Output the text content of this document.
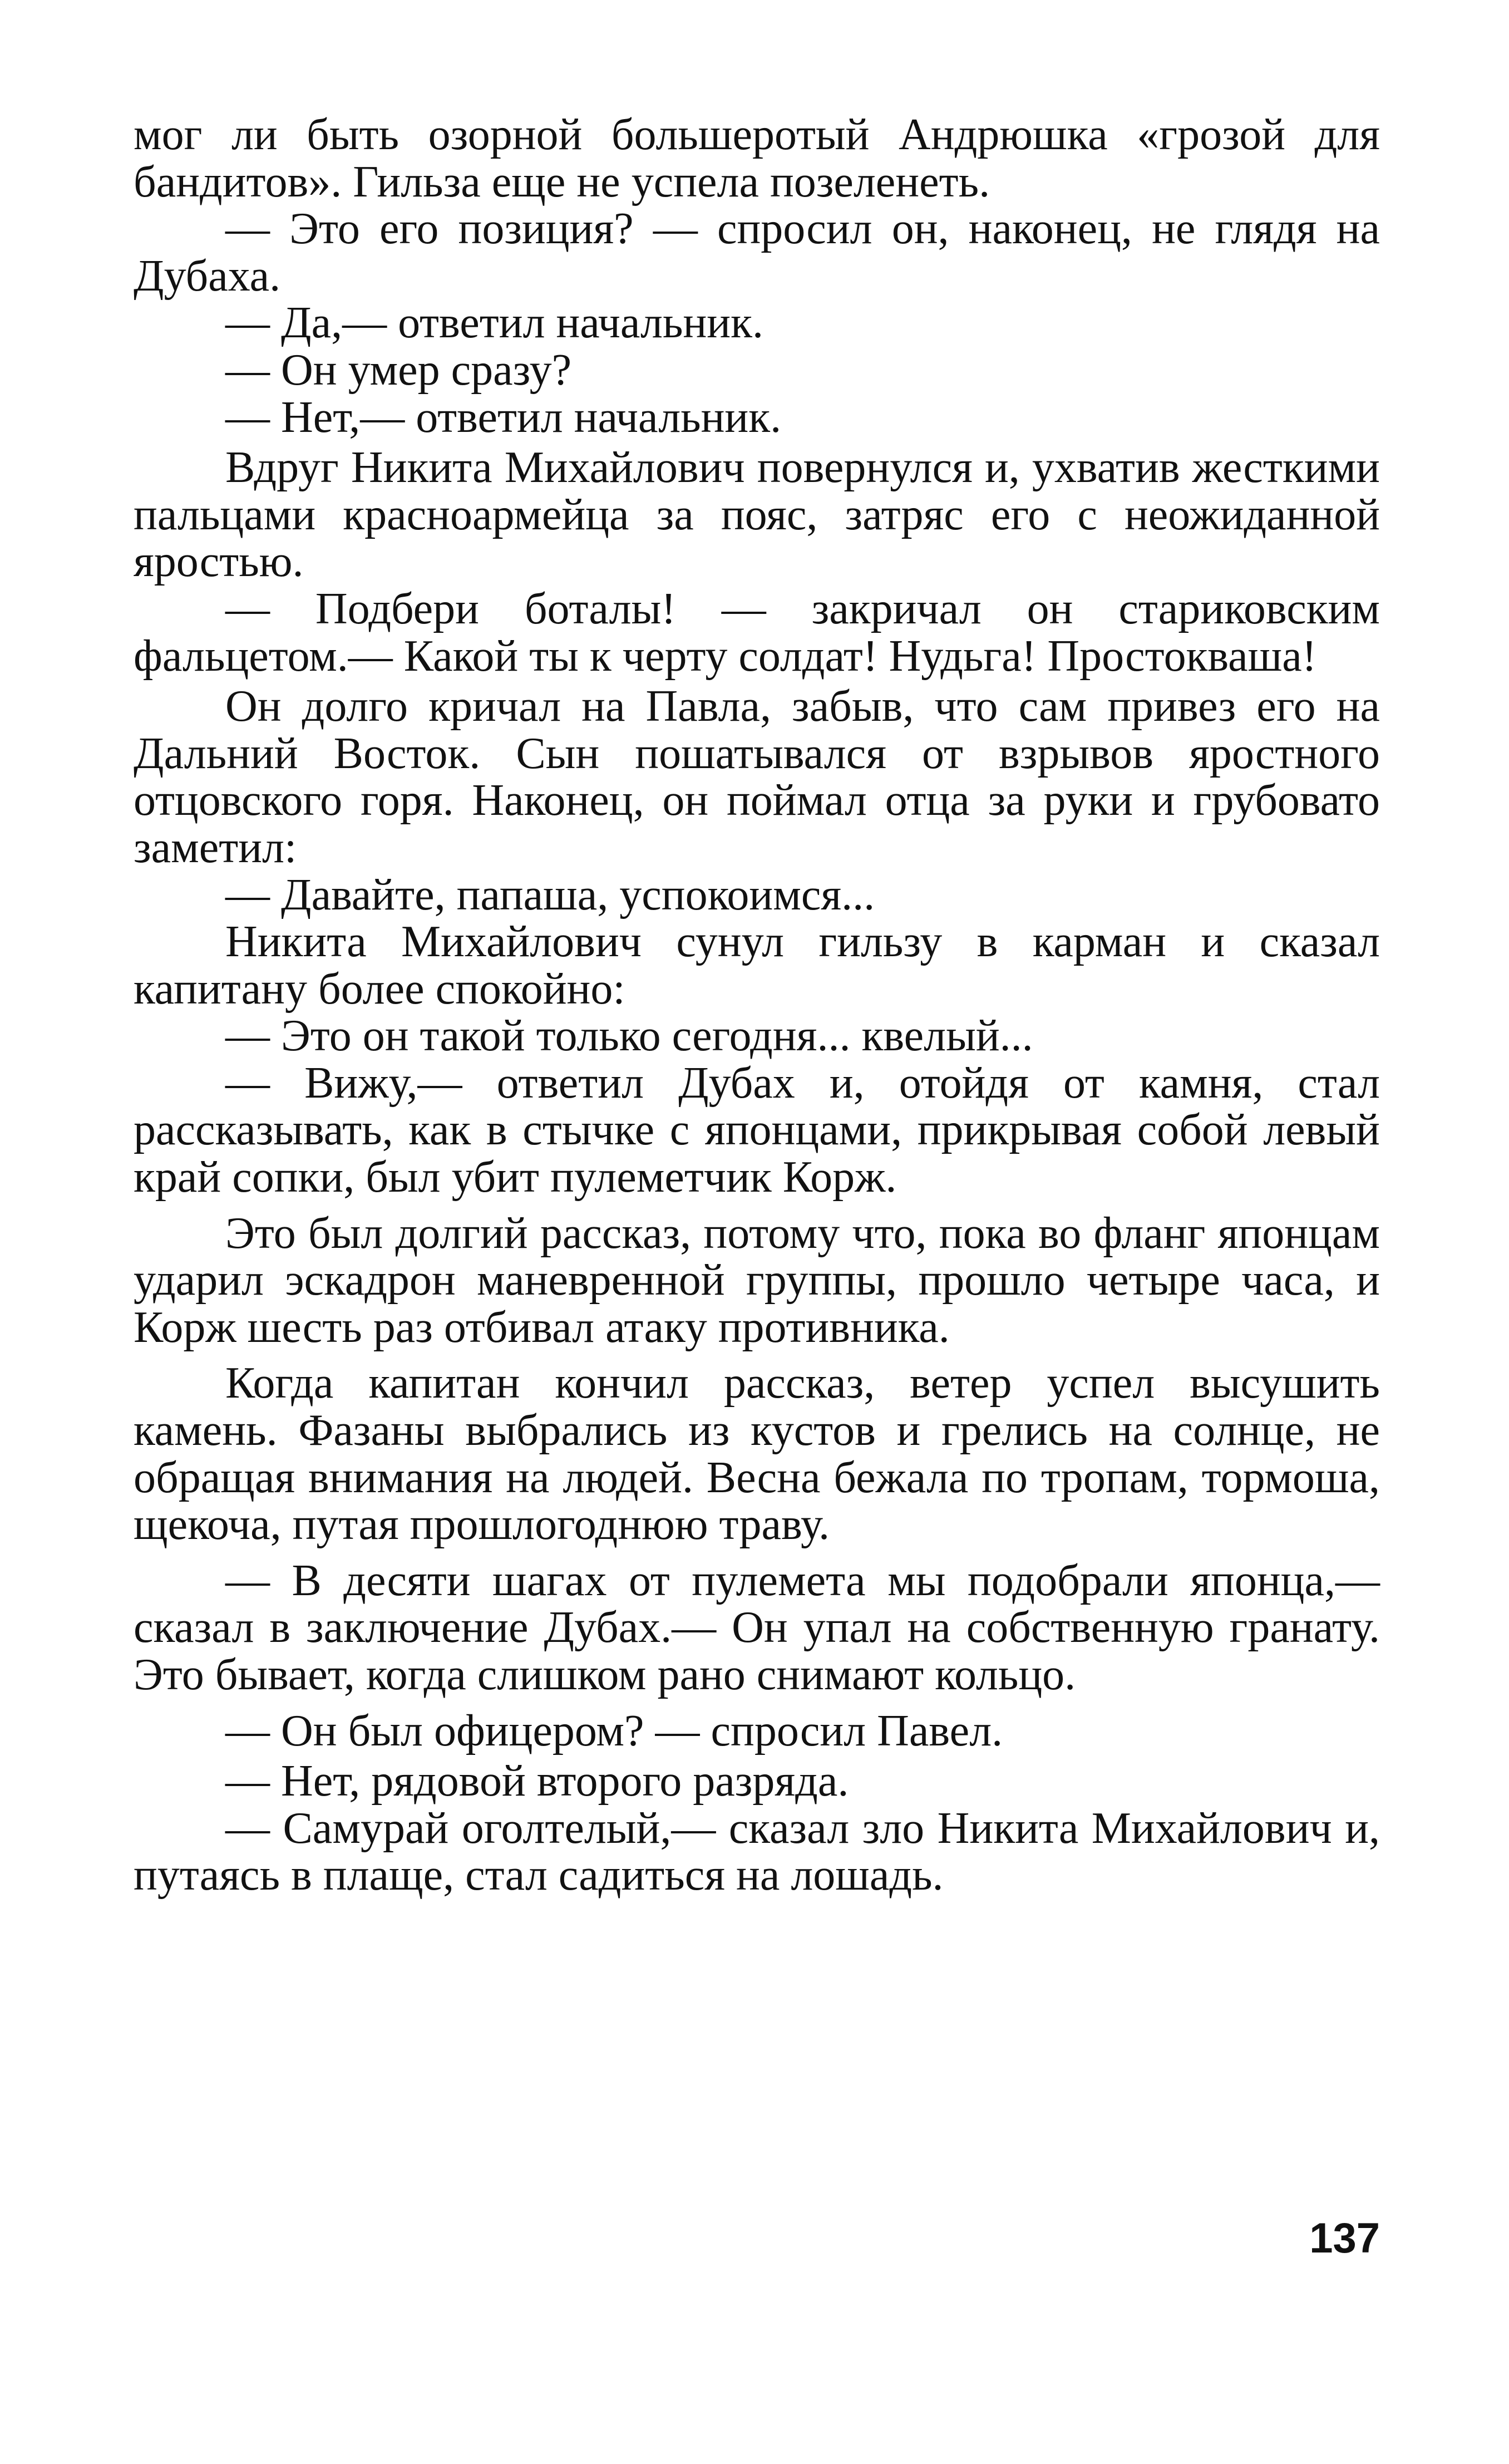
мог ли быть озорной большеротый Андрюшка «грозой для бандитов». Гильза еще не успела позеленеть.

— Это его позиция? — спросил он, наконец, не глядя на Дубаха.

— Да,— ответил начальник.

— Он умер сразу?

— Нет,— ответил начальник.

Вдруг Никита Михайлович повернулся и, ухватив жесткими пальцами красноармейца за пояс, затряс его с неожиданной яростью.

— Подбери боталы! — закричал он стариковским фальцетом.— Какой ты к черту солдат! Нудьга! Простокваша!

Он долго кричал на Павла, забыв, что сам привез его на Дальний Восток. Сын пошатывался от взрывов яростного отцовского горя. Наконец, он поймал отца за руки и грубовато заметил:

— Давайте, папаша, успокоимся...

Никита Михайлович сунул гильзу в карман и сказал капитану более спокойно:

— Это он такой только сегодня... квелый...

— Вижу,— ответил Дубах и, отойдя от камня, стал рассказывать, как в стычке с японцами, прикрывая собой левый край сопки, был убит пулеметчик Корж.

Это был долгий рассказ, потому что, пока во фланг японцам ударил эскадрон маневренной группы, прошло четыре часа, и Корж шесть раз отбивал атаку противника.

Когда капитан кончил рассказ, ветер успел высушить камень. Фазаны выбрались из кустов и грелись на солнце, не обращая внимания на людей. Весна бежала по тропам, тормоша, щекоча, путая прошлогоднюю траву.

— В десяти шагах от пулемета мы подобрали японца,— сказал в заключение Дубах.— Он упал на собственную гранату. Это бывает, когда слишком рано снимают кольцо.

— Он был офицером? — спросил Павел.

— Нет, рядовой второго разряда.

— Самурай оголтелый,— сказал зло Никита Михайлович и, путаясь в плаще, стал садиться на лошадь.

137
